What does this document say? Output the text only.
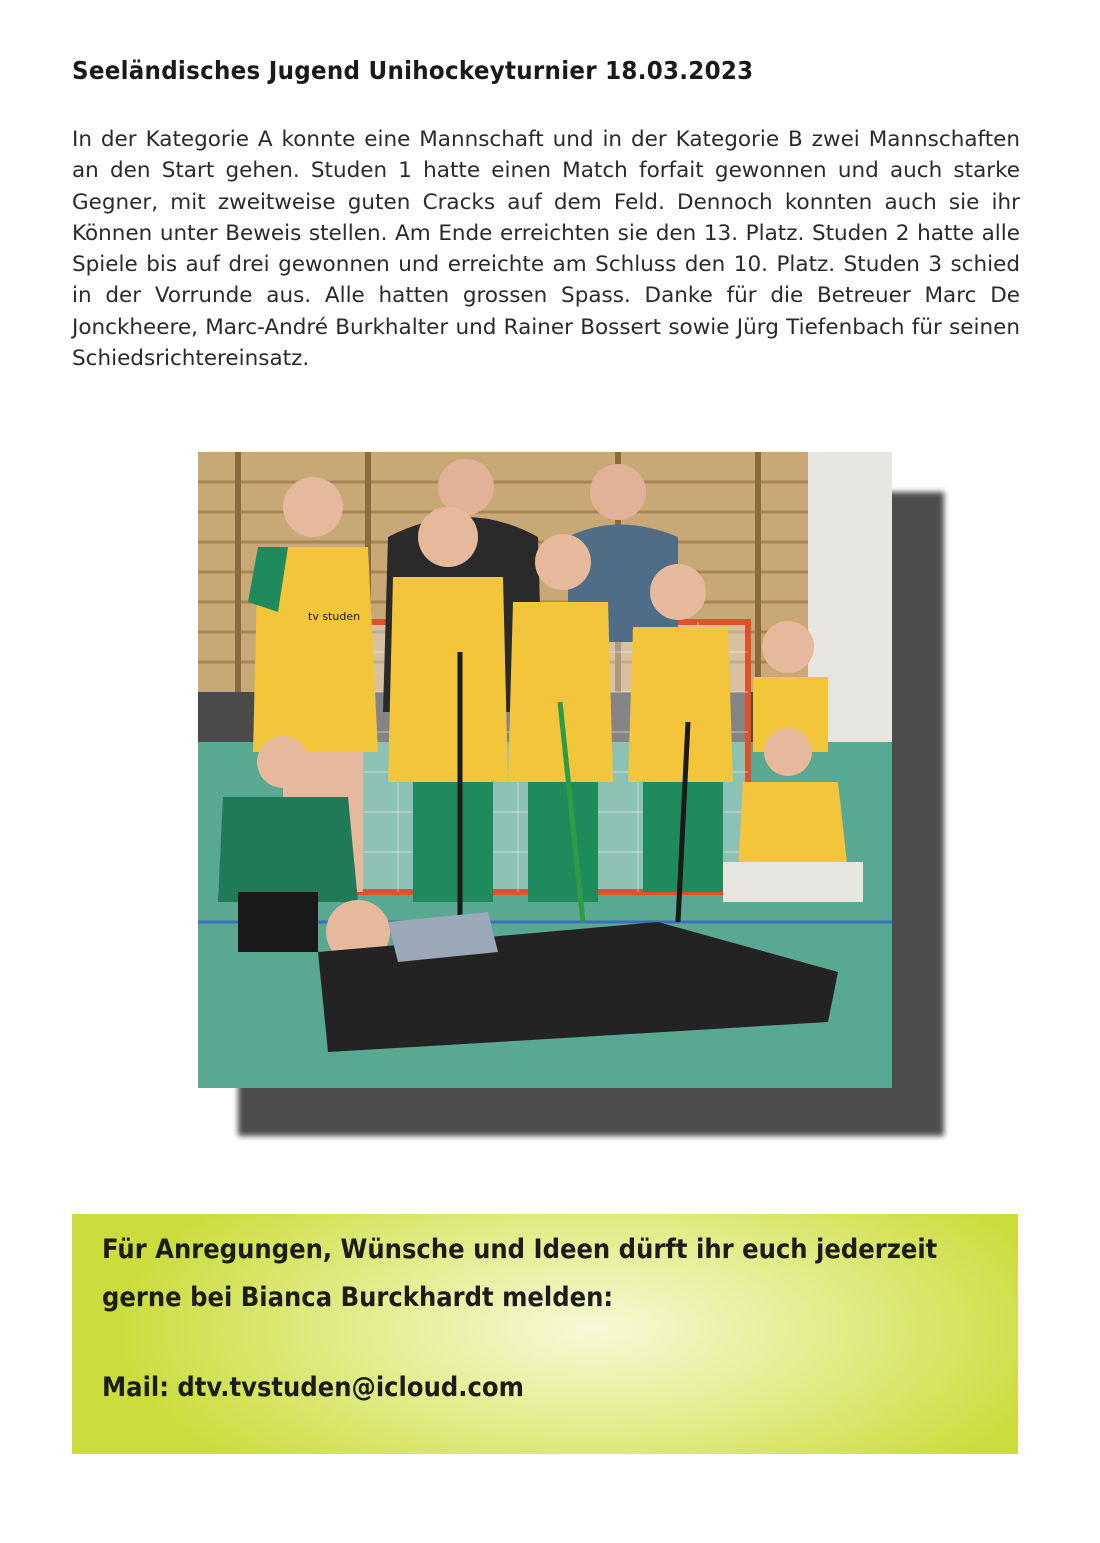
Seeländisches Jugend Unihockeyturnier 18.03.2023

In der Kategorie A konnte eine Mannschaft und in der Kategorie B zwei Mannschaften an den Start gehen. Studen 1 hatte einen Match forfait gewonnen und auch starke Gegner, mit zweitweise guten Cracks auf dem Feld. Dennoch konnten auch sie ihr Können unter Beweis stellen. Am Ende erreichten sie den 13. Platz. Studen 2 hatte alle Spiele bis auf drei gewonnen und erreichte am Schluss den 10. Platz. Studen 3 schied in der Vorrunde aus. Alle hatten grossen Spass. Danke für die Betreuer Marc De Jonckheere, Marc-André Burkhalter und Rainer Bossert sowie Jürg Tiefenbach für seinen Schiedsrichtereinsatz.

tv studen
Für Anregungen, Wünsche und Ideen dürft ihr euch jederzeit
gerne bei Bianca Burckhardt melden:
Mail: dtv.tvstuden@icloud.com
